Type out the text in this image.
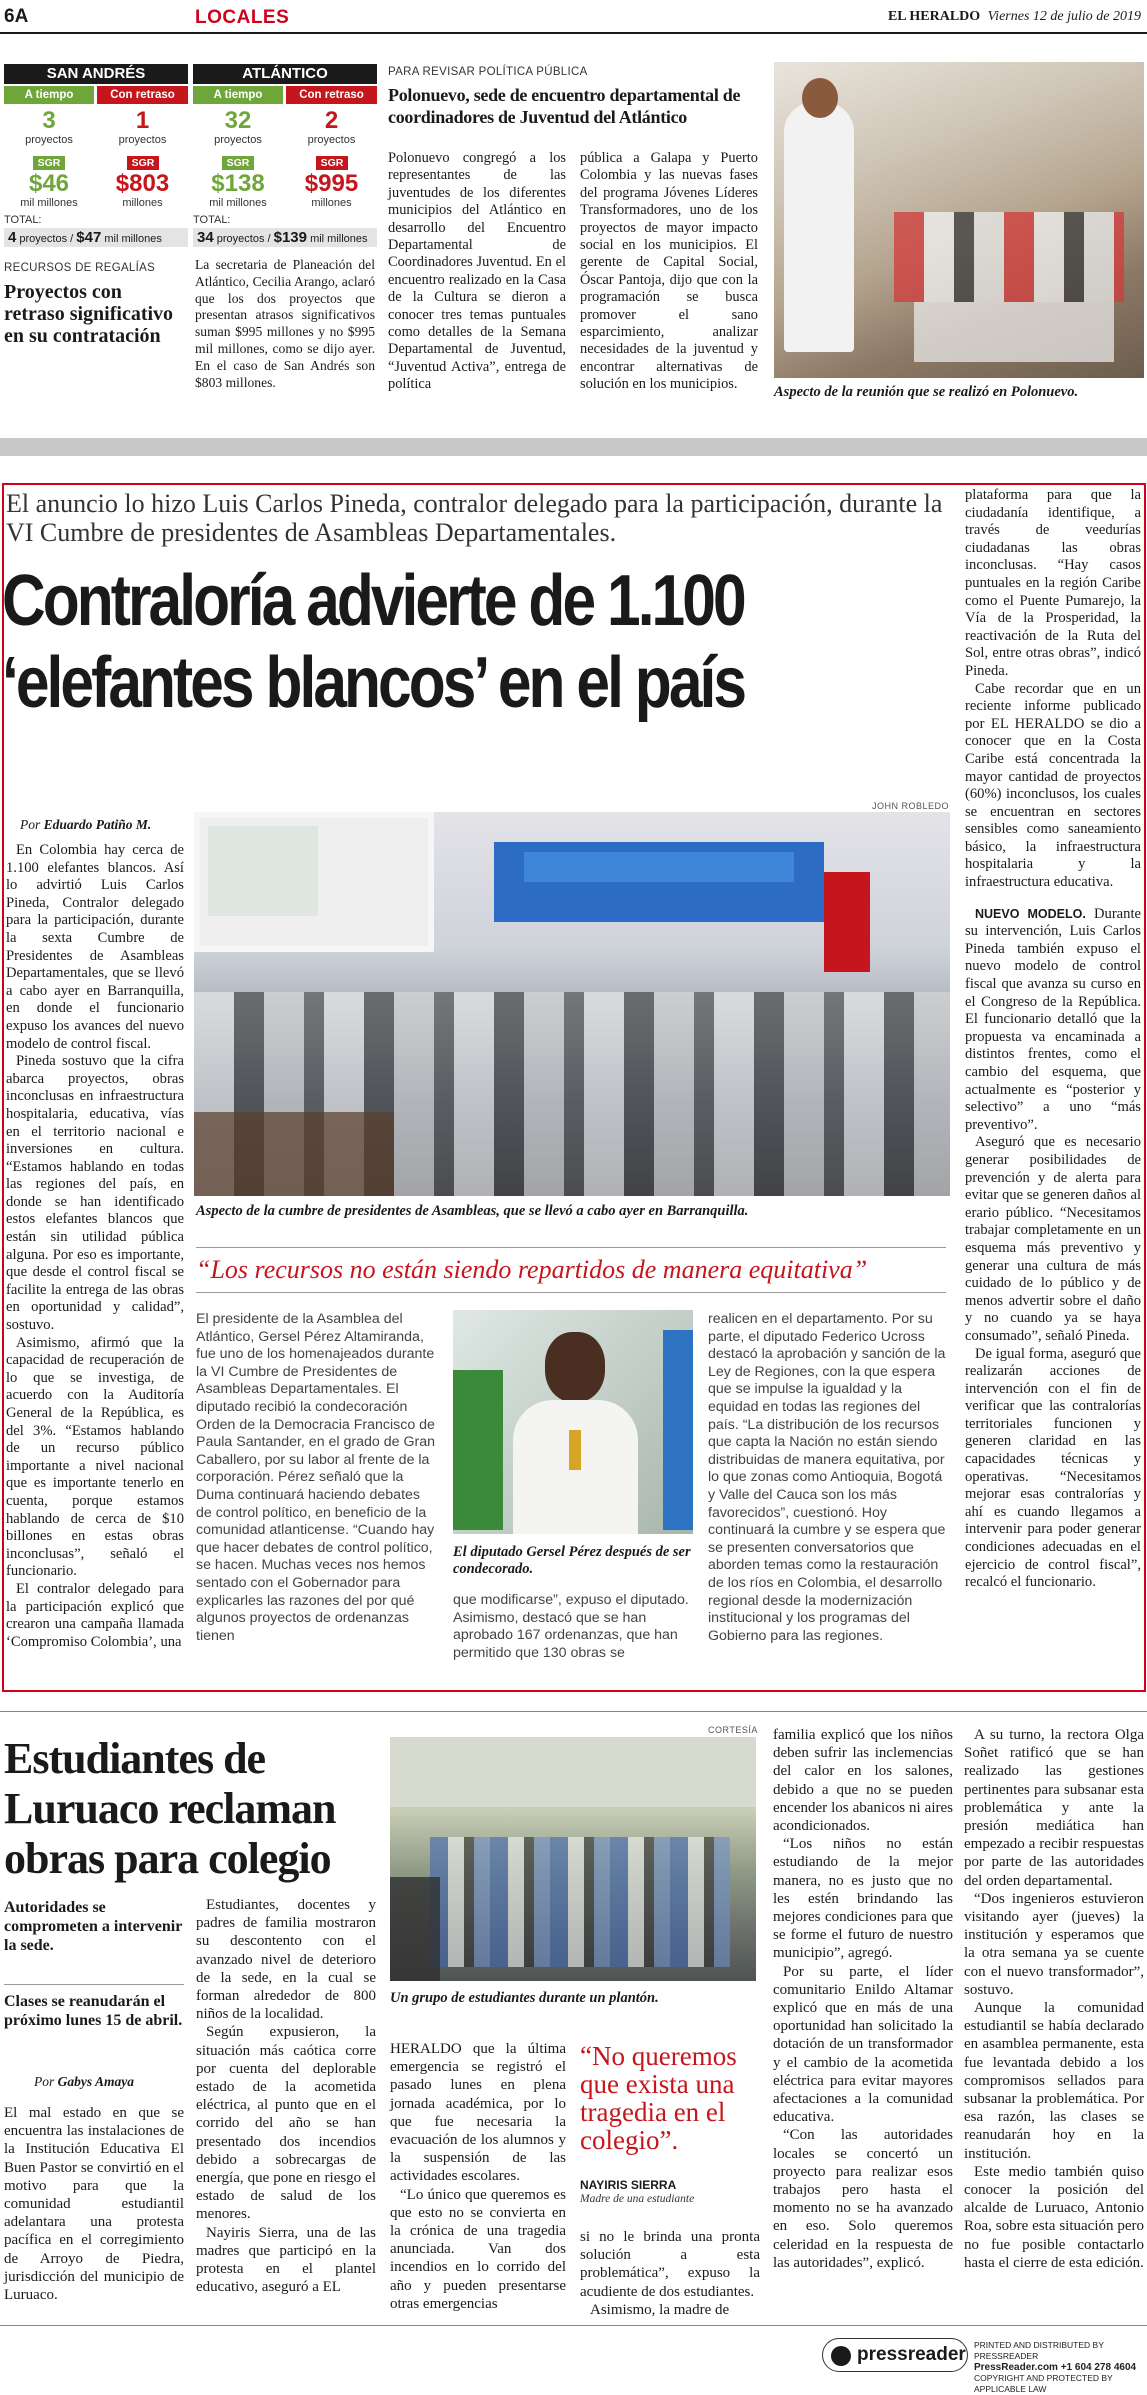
6A	LOCALES	EL HERALDO Viernes 12 de julio de 2019
SAN ANDRÉS
A tiempo	Con retraso
3	1
proyectos	proyectos
SGR	SGR
$46	$803
mil millones	millones
TOTAL:
4 proyectos / $47 mil millones
ATLÁNTICO
A tiempo	Con retraso
32	2
proyectos	proyectos
SGR	SGR
$138	$995
mil millones	millones
TOTAL:
34 proyectos / $139 mil millones
RECURSOS DE REGALÍAS
Proyectos con retraso significativo en su contratación
La secretaria de Planeación del Atlántico, Cecilia Arango, aclaró que los dos proyectos que presentan atrasos significativos suman $995 millones y no $995 mil millones, como se dijo ayer. En el caso de San Andrés son $803 millones.
PARA REVISAR POLÍTICA PÚBLICA
Polonuevo, sede de encuentro departamental de coordinadores de Juventud del Atlántico
Polonuevo congregó a los representantes de las juventudes de los diferentes municipios del Atlántico en desarrollo del Encuentro Departamental de Coordinadores Juventud. En el encuentro realizado en la Casa de la Cultura se dieron a conocer tres temas puntuales como detalles de la Semana Departamental de Juventud, “Juventud Activa”, entrega de política
pública a Galapa y Puerto Colombia y las nuevas fases del programa Jóvenes Líderes Transformadores, uno de los proyectos de mayor impacto social en los municipios. El gerente de Capital Social, Óscar Pantoja, dijo que con la programación se busca promover el sano esparcimiento, analizar necesidades de la juventud y encontrar alternativas de solución en los municipios.	Aspecto de la reunión que se realizó en Polonuevo.
El anuncio lo hizo Luis Carlos Pineda, contralor delegado para la participación, durante la VI Cumbre de presidentes de Asambleas Departamentales.
Contraloría advierte de 1.100
‘elefantes blancos’ en el país
Por Eduardo Patiño M.

En Colombia hay cerca de 1.100 elefantes blancos. Así lo advirtió Luis Carlos Pineda, Contralor delegado para la participación, durante la sexta Cumbre de Presidentes de Asambleas Departamentales, que se llevó a cabo ayer en Barranquilla, en donde el funcionario expuso los avances del nuevo modelo de control fiscal.

Pineda sostuvo que la cifra abarca proyectos, obras inconclusas en infraestructura hospitalaria, educativa, vías en el territorio nacional e inversiones en cultura. “Estamos hablando en todas las regiones del país, en donde se han identificado estos elefantes blancos que están sin utilidad pública alguna. Por eso es importante, que desde el control fiscal se facilite la entrega de las obras en oportunidad y calidad”, sostuvo.

Asimismo, afirmó que la capacidad de recuperación de lo que se investiga, de acuerdo con la Auditoría General de la República, es del 3%. “Estamos hablando de un recurso público importante a nivel nacional que es importante tenerlo en cuenta, porque estamos hablando de cerca de $10 billones en estas obras inconclusas”, señaló el funcionario.

El contralor delegado para la participación explicó que crearon una campaña llamada ‘Compromiso Colombia’, una

JOHN ROBLEDO
Aspecto de la cumbre de presidentes de Asambleas, que se llevó a cabo ayer en Barranquilla.
“Los recursos no están siendo repartidos de manera equitativa”
El presidente de la Asamblea del Atlántico, Gersel Pérez Altamiranda, fue uno de los homenajeados durante la VI Cumbre de Presidentes de Asambleas Departamentales. El diputado recibió la condecoración Orden de la Democracia Francisco de Paula Santander, en el grado de Gran Caballero, por su labor al frente de la corporación. Pérez señaló que la Duma continuará haciendo debates de control político, en beneficio de la comunidad atlanticense. “Cuando hay que hacer debates de control político, se hacen. Muchas veces nos hemos sentado con el Gobernador para explicarles las razones del por qué algunos proyectos de ordenanzas tienen
El diputado Gersel Pérez después de ser condecorado.
que modificarse”, expuso el diputado. Asimismo, destacó que se han aprobado 167 ordenanzas, que han permitido que 130 obras se
realicen en el departamento. Por su parte, el diputado Federico Ucross destacó la aprobación y sanción de la Ley de Regiones, con la que espera que se impulse la igualdad y la equidad en todas las regiones del país. “La distribución de los recursos que capta la Nación no están siendo distribuidas de manera equitativa, por lo que zonas como Antioquia, Bogotá y Valle del Cauca son los más favorecidos”, cuestionó. Hoy continuará la cumbre y se espera que se presenten conversatorios que aborden temas como la restauración de los ríos en Colombia, el desarrollo regional desde la modernización institucional y los programas del Gobierno para las regiones.

plataforma para que la ciudadanía identifique, a través de veedurías ciudadanas las obras inconclusas. “Hay casos puntuales en la región Caribe como el Puente Pumarejo, la Vía de la Prosperidad, la reactivación de la Ruta del Sol, entre otras obras”, indicó Pineda.

Cabe recordar que en un reciente informe publicado por EL HERALDO se dio a conocer que en la Costa Caribe está concentrada la mayor cantidad de proyectos (60%) inconclusos, los cuales se encuentran en sectores sensibles como saneamiento básico, la infraestructura hospitalaria y la infraestructura educativa.

NUEVO MODELO. Durante su intervención, Luis Carlos Pineda también expuso el nuevo modelo de control fiscal que avanza su curso en el Congreso de la República. El funcionario detalló que la propuesta va encaminada a distintos frentes, como el cambio del esquema, que actualmente es “posterior y selectivo” a uno “más preventivo”.

Aseguró que es necesario generar posibilidades de prevención y de alerta para evitar que se generen daños al erario público. “Necesitamos trabajar completamente en un esquema más preventivo y generar una cultura de más cuidado de lo público y de menos advertir sobre el daño y no cuando ya se haya consumado”, señaló Pineda.

De igual forma, aseguró que realizarán acciones de intervención con el fin de verificar que las contralorías territoriales funcionen y generen claridad en las capacidades técnicas y operativas. “Necesitamos mejorar esas contralorías y ahí es cuando llegamos a intervenir para poder generar condiciones adecuadas en el ejercicio de control fiscal”, recalcó el funcionario.

Estudiantes de Luruaco reclaman obras para colegio
Autoridades se comprometen a intervenir la sede.
Clases se reanudarán el próximo lunes 15 de abril.
Por Gabys Amaya
El mal estado en que se encuentra las instalaciones de la Institución Educativa El Buen Pastor se convirtió en el motivo para que la comunidad estudiantil adelantara una protesta pacífica en el corregimiento de Arroyo de Piedra, jurisdicción del municipio de Luruaco.

Estudiantes, docentes y padres de familia mostraron su descontento con el avanzado nivel de deterioro de la sede, en la cual se forman alrededor de 800 niños de la localidad.

Según expusieron, la situación más caótica corre por cuenta del deplorable estado de la acometida eléctrica, al punto que en el corrido del año se han presentado dos incendios debido a sobrecargas de energía, que pone en riesgo el estado de salud de los menores.

Nayiris Sierra, una de las madres que participó en la protesta en el plantel educativo, aseguró a EL

CORTESÍA
Un grupo de estudiantes durante un plantón.

HERALDO que la última emergencia se registró el pasado lunes en plena jornada académica, por lo que fue necesaria la evacuación de los alumnos y la suspensión de las actividades escolares.

“Lo único que queremos es que esto no se convierta en la crónica de una tragedia anunciada. Van dos incendios en lo corrido del año y pueden presentarse otras emergencias

“No queremos que exista una tragedia en el colegio”.
NAYIRIS SIERRA
Madre de una estudiante

si no le brinda una pronta solución a esta problemática”, expuso la acudiente de dos estudiantes.

Asimismo, la madre de

familia explicó que los niños deben sufrir las inclemencias del calor en los salones, debido a que no se pueden encender los abanicos ni aires acondicionados.

“Los niños no están estudiando de la mejor manera, no es justo que no les estén brindando las mejores condiciones para que se forme el futuro de nuestro municipio”, agregó.

Por su parte, el líder comunitario Enildo Altamar explicó que en más de una oportunidad han solicitado la dotación de un transformador y el cambio de la acometida eléctrica para evitar mayores afectaciones a la comunidad educativa.

“Con las autoridades locales se concertó un proyecto para realizar esos trabajos pero hasta el momento no se ha avanzado en eso. Solo queremos celeridad en la respuesta de las autoridades”, explicó.

A su turno, la rectora Olga Soñet ratificó que se han realizado las gestiones pertinentes para subsanar esta problemática y ante la presión mediática han empezado a recibir respuestas por parte de las autoridades del orden departamental.

“Dos ingenieros estuvieron visitando ayer (jueves) la institución y esperamos que la otra semana ya se cuente con el nuevo transformador”, sostuvo.

Aunque la comunidad estudiantil se había declarado en asamblea permanente, esta fue levantada debido a los compromisos sellados para subsanar la problemática. Por esa razón, las clases se reanudarán hoy en la institución.

Este medio también quiso conocer la posición del alcalde de Luruaco, Antonio Roa, sobre esta situación pero no fue posible contactarlo hasta el cierre de esta edición.

pressreader PRINTED AND DISTRIBUTED BY PRESSREADER
PressReader.com +1 604 278 4604
COPYRIGHT AND PROTECTED BY APPLICABLE LAW
